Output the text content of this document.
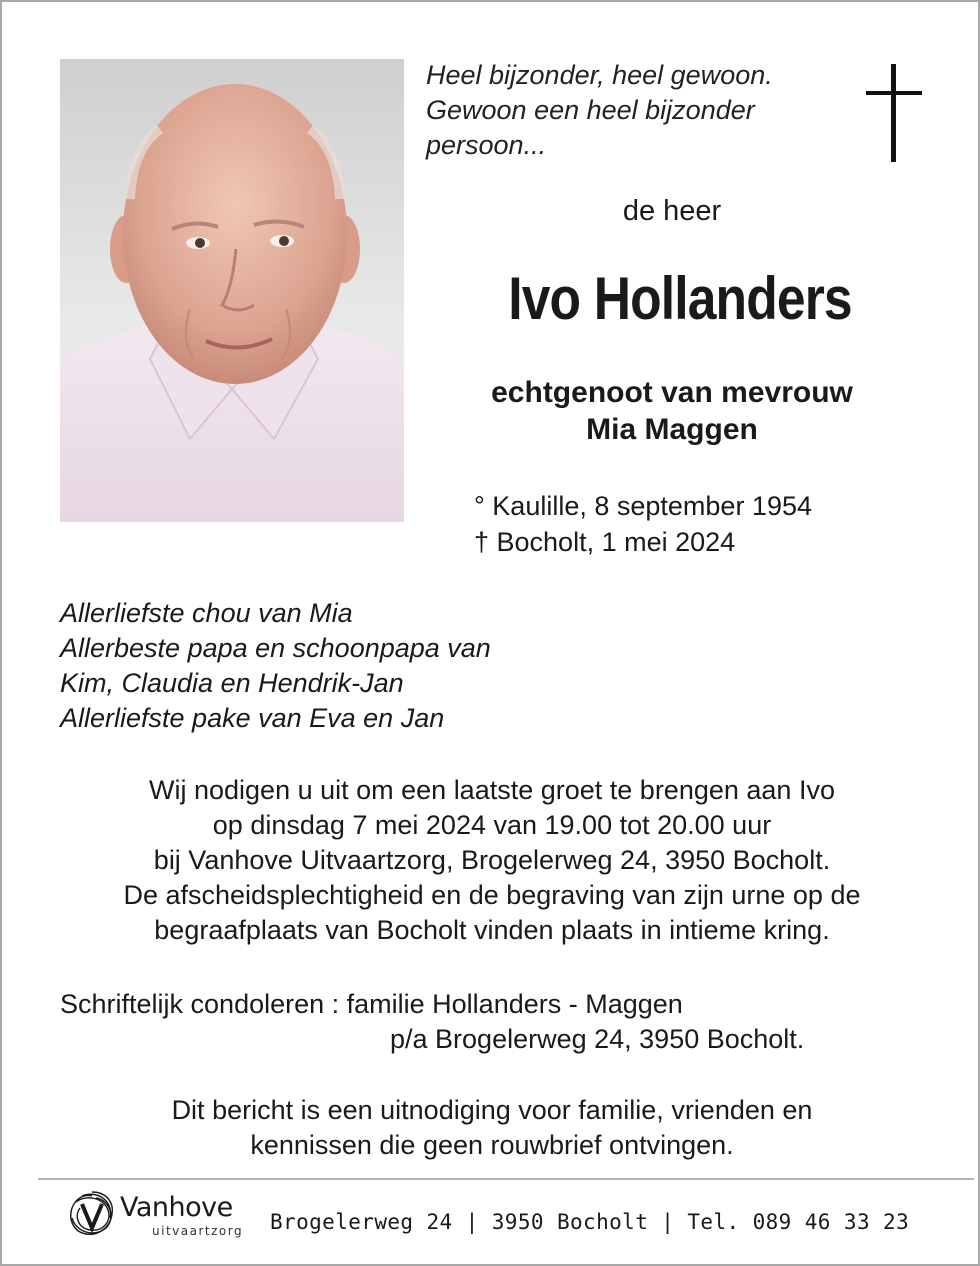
Heel bijzonder, heel gewoon.
Gewoon een heel bijzonder
persoon...
de heer
Ivo Hollanders
echtgenoot van mevrouw
Mia Maggen
° Kaulille, 8 september 1954
† Bocholt, 1 mei 2024
Allerliefste chou van Mia
Allerbeste papa en schoonpapa van
Kim, Claudia en Hendrik-Jan
Allerliefste pake van Eva en Jan
Wij nodigen u uit om een laatste groet te brengen aan Ivo
op dinsdag 7 mei 2024 van 19.00 tot 20.00 uur
bij Vanhove Uitvaartzorg, Brogelerweg 24, 3950 Bocholt.
De afscheidsplechtigheid en de begraving van zijn urne op de
begraafplaats van Bocholt vinden plaats in intieme kring.
Schriftelijk condoleren : familie Hollanders - Maggen
p/a Brogelerweg 24, 3950 Bocholt.
Dit bericht is een uitnodiging voor familie, vrienden en
kennissen die geen rouwbrief ontvingen.
Vanhove
uitvaartzorg Brogelerweg 24 | 3950 Bocholt | Tel. 089 46 33 23
